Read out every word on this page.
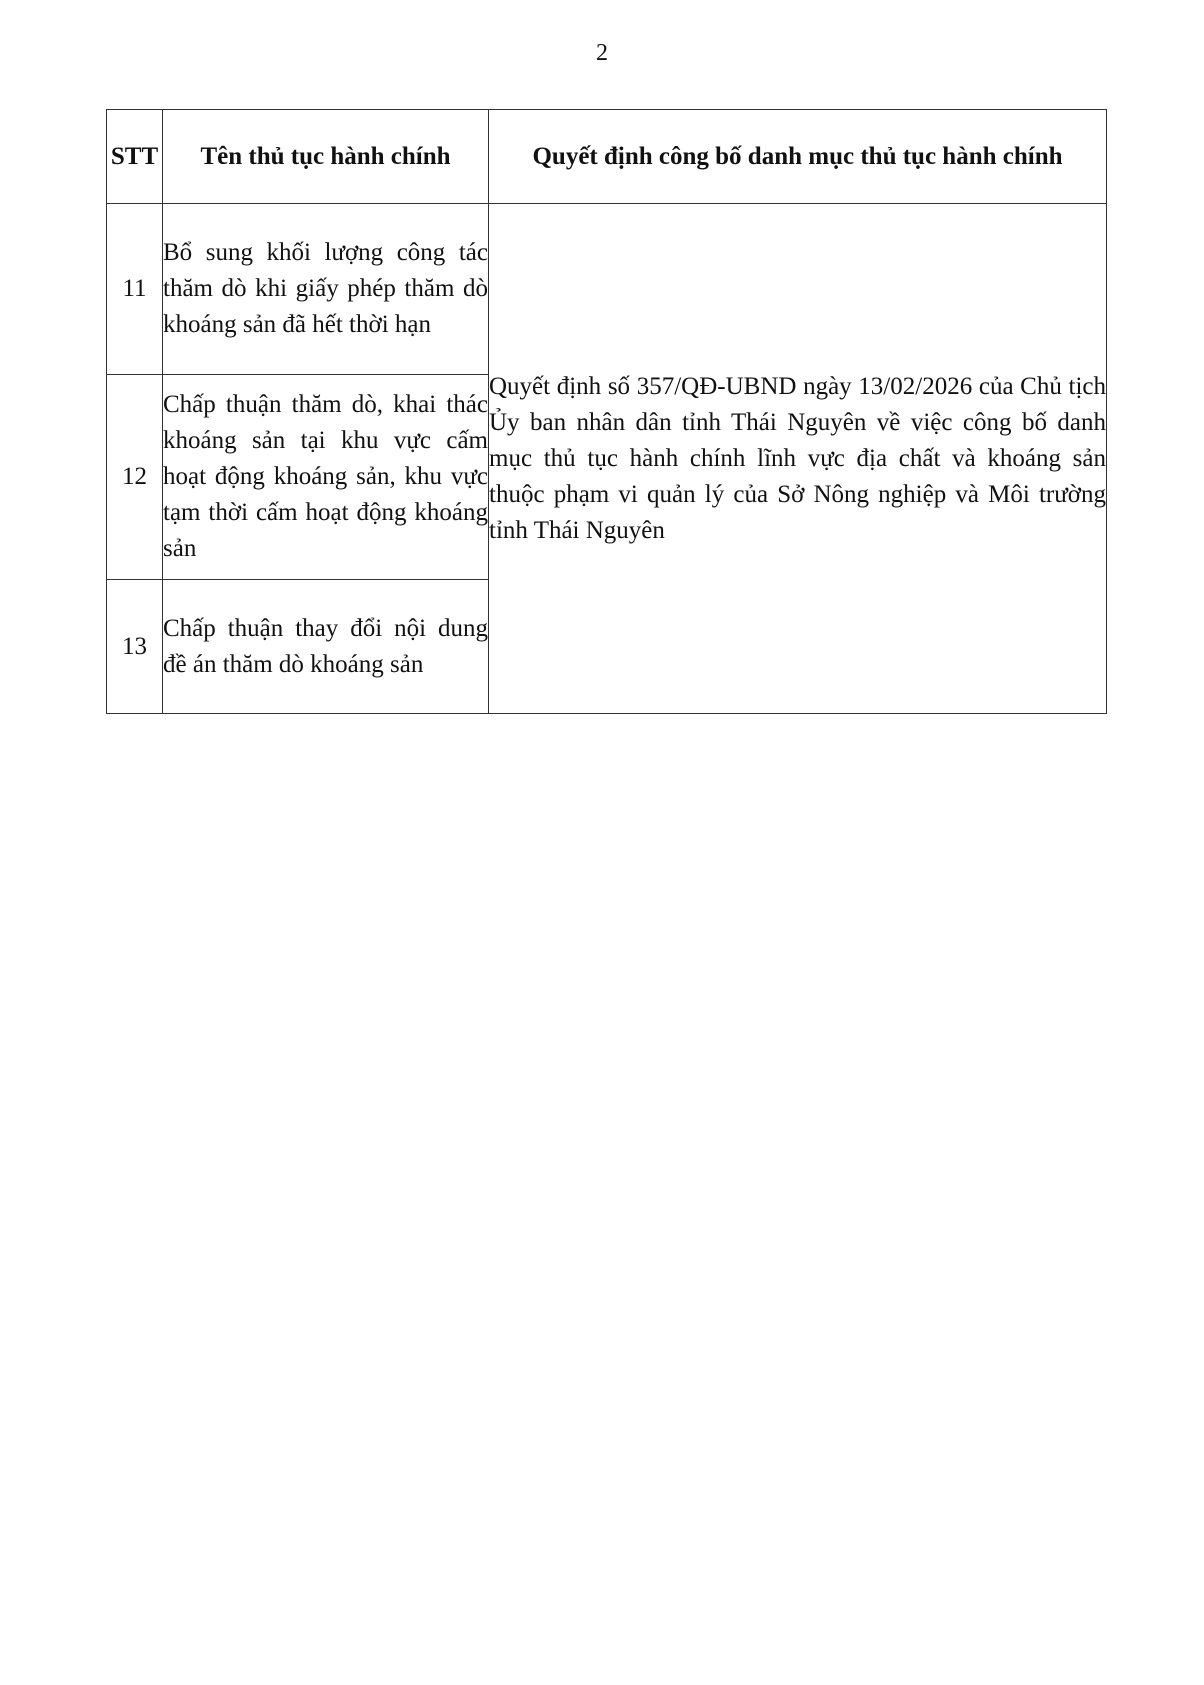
2
STT	Tên thủ tục hành chính	Quyết định công bố danh mục thủ tục hành chính
11	Bổ sung khối lượng công tác thăm dò khi giấy phép thăm dò khoáng sản đã hết thời hạn	Quyết định số 357/QĐ-UBND ngày 13/02/2026 của Chủ tịch Ủy ban nhân dân tỉnh Thái Nguyên về việc công bố danh mục thủ tục hành chính lĩnh vực địa chất và khoáng sản thuộc phạm vi quản lý của Sở Nông nghiệp và Môi trường tỉnh Thái Nguyên
12	Chấp thuận thăm dò, khai thác khoáng sản tại khu vực cấm hoạt động khoáng sản, khu vực tạm thời cấm hoạt động khoáng sản	
13	Chấp thuận thay đổi nội dung đề án thăm dò khoáng sản	
